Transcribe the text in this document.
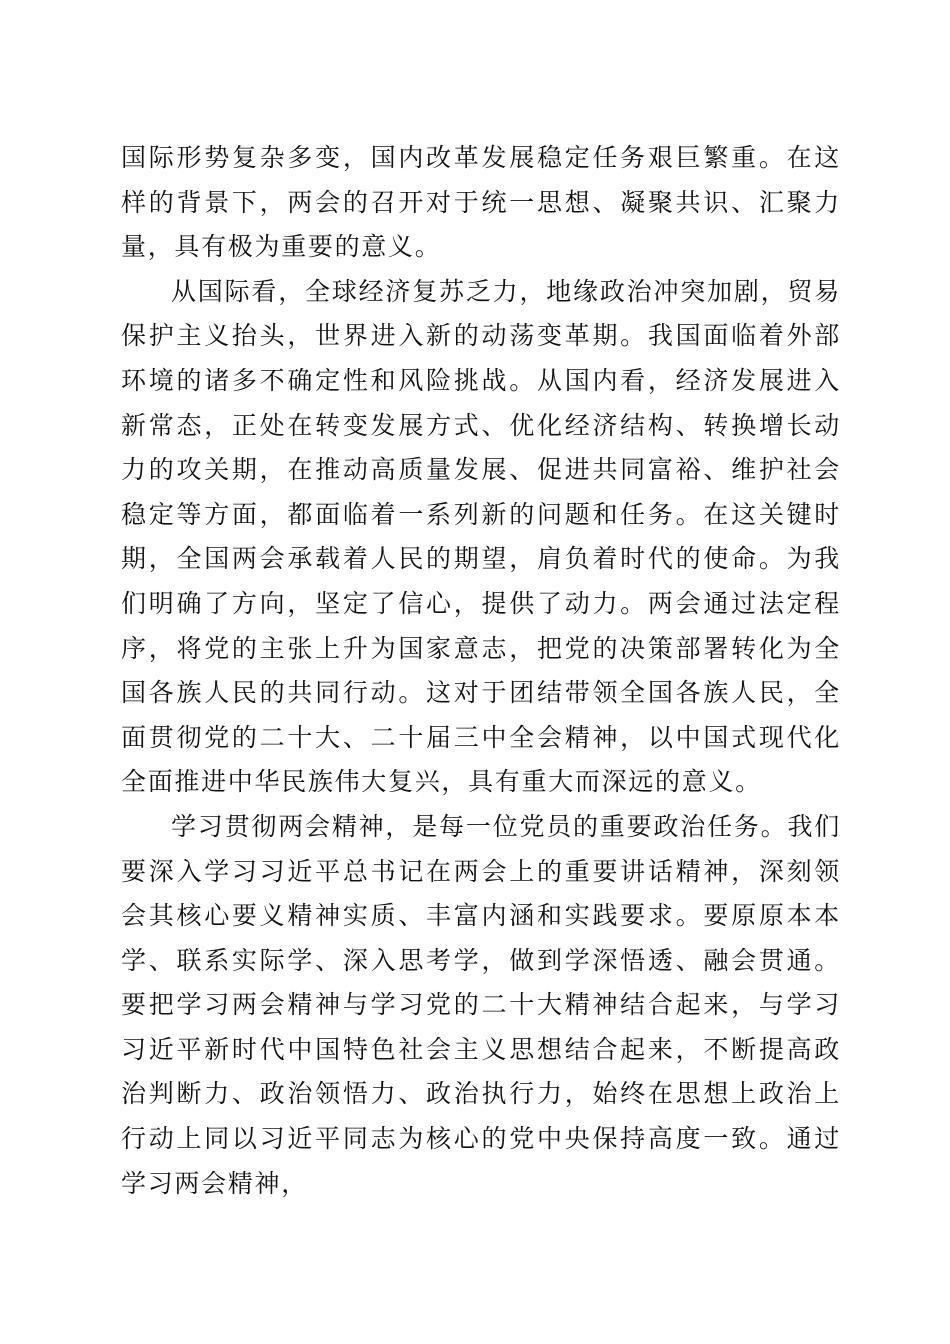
国际形势复杂多变，国内改革发展稳定任务艰巨繁重。在这样的背景下，两会的召开对于统一思想、凝聚共识、汇聚力量，具有极为重要的意义。

从国际看，全球经济复苏乏力，地缘政治冲突加剧，贸易保护主义抬头，世界进入新的动荡变革期。我国面临着外部环境的诸多不确定性和风险挑战。从国内看，经济发展进入新常态，正处在转变发展方式、优化经济结构、转换增长动力的攻关期，在推动高质量发展、促进共同富裕、维护社会稳定等方面，都面临着一系列新的问题和任务。在这关键时期，全国两会承载着人民的期望，肩负着时代的使命。为我们明确了方向，坚定了信心，提供了动力。两会通过法定程序，将党的主张上升为国家意志，把党的决策部署转化为全国各族人民的共同行动。这对于团结带领全国各族人民，全面贯彻党的二十大、二十届三中全会精神，以中国式现代化全面推进中华民族伟大复兴，具有重大而深远的意义。

学习贯彻两会精神，是每一位党员的重要政治任务。我们要深入学习习近平总书记在两会上的重要讲话精神，深刻领会其核心要义精神实质、丰富内涵和实践要求。要原原本本学、联系实际学、深入思考学，做到学深悟透、融会贯通。要把学习两会精神与学习党的二十大精神结合起来，与学习习近平新时代中国特色社会主义思想结合起来，不断提高政治判断力、政治领悟力、政治执行力，始终在思想上政治上行动上同以习近平同志为核心的党中央保持高度一致。通过学习两会精神，
